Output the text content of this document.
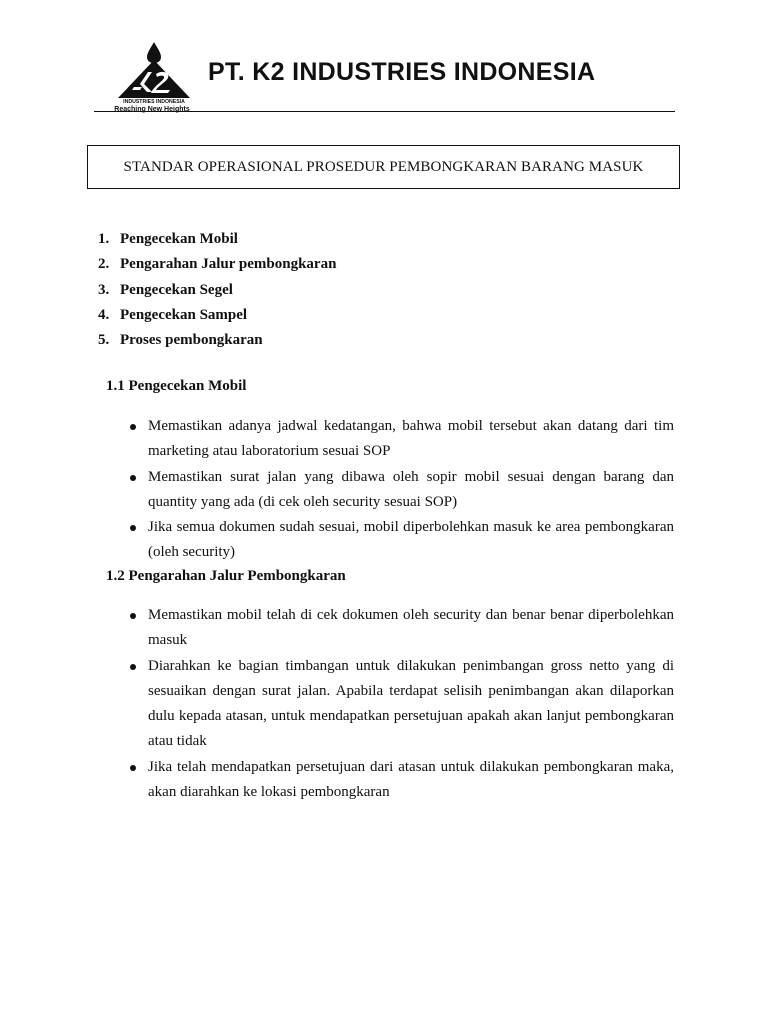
INDUSTRIES INDONESIA
Reaching New Heights
PT. K2 INDUSTRIES INDONESIA
STANDAR OPERASIONAL PROSEDUR PEMBONGKARAN BARANG MASUK
1. Pengecekan Mobil
2. Pengarahan Jalur pembongkaran
3. Pengecekan Segel
4. Pengecekan Sampel
5. Proses pembongkaran
1.1 Pengecekan Mobil
Memastikan adanya jadwal kedatangan, bahwa mobil tersebut akan datang dari tim marketing atau laboratorium sesuai SOP
Memastikan surat jalan yang dibawa oleh sopir mobil sesuai dengan barang dan quantity yang ada (di cek oleh security sesuai SOP)
Jika semua dokumen sudah sesuai, mobil diperbolehkan masuk ke area pembongkaran (oleh security)
1.2 Pengarahan Jalur Pembongkaran
Memastikan mobil telah di cek dokumen oleh security dan benar benar diperbolehkan masuk
Diarahkan ke bagian timbangan untuk dilakukan penimbangan gross netto yang di sesuaikan dengan surat jalan. Apabila terdapat selisih penimbangan akan dilaporkan dulu kepada atasan, untuk mendapatkan persetujuan apakah akan lanjut pembongkaran atau tidak
Jika telah mendapatkan persetujuan dari atasan untuk dilakukan pembongkaran maka, akan diarahkan ke lokasi pembongkaran
